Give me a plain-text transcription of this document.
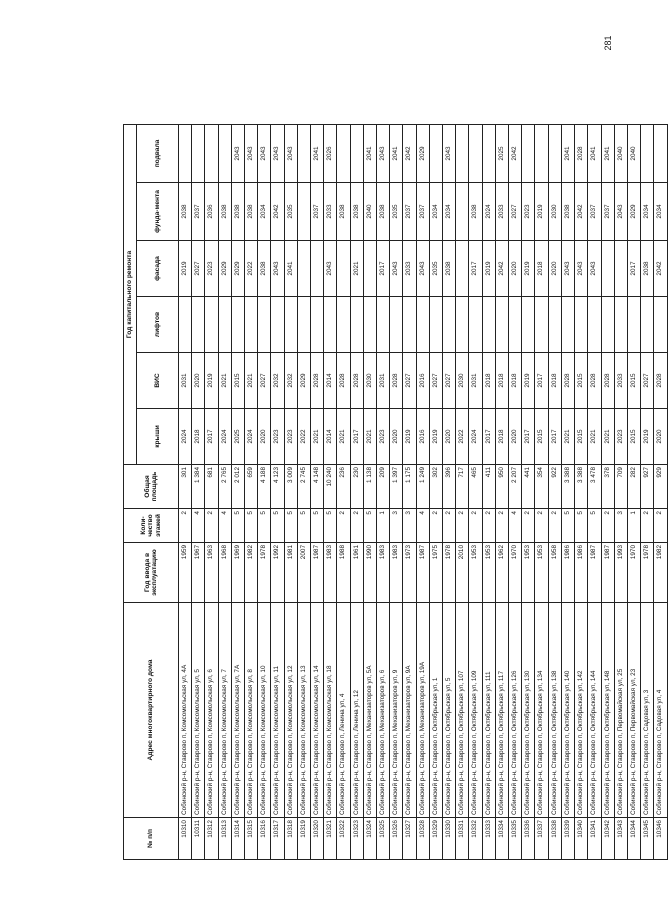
281
№ п/п	Адрес многоквартирного дома	Год ввода в эксплуатацию	Коли-чество этажей	Общая площадь	Год капитального ремонта					
					крыши	ВИС	лифтов	фасада	фунда-мента	подвала
10310	Собинский р-н, Ставрово п, Комсомольская ул, 4А	1959	2	301	2024	2031		2019	2038	
10311	Собинский р-н, Ставрово п, Комсомольская ул, 5	1967	4	1 384	2018	2020		2027	2037	
10312	Собинский р-н, Ставрово п, Комсомольская ул, 6	1963	2	681	2017	2019		2023	2036	
10313	Собинский р-н, Ставрово п, Комсомольская ул, 7	1968	4	2 765	2024	2021		2029	2038	
10314	Собинский р-н, Ставрово п, Комсомольская ул, 7А	1969	5	2 012	2025	2015		2029	2038	2043
10315	Собинский р-н, Ставрово п, Комсомольская ул, 8	1982	5	659	2024	2021		2022	2038	2043
10316	Собинский р-н, Ставрово п, Комсомольская ул, 10	1978	5	4 188	2020	2027		2038	2034	2043
10317	Собинский р-н, Ставрово п, Комсомольская ул, 11	1992	5	4 123	2023	2032		2043	2042	2043
10318	Собинский р-н, Ставрово п, Комсомольская ул, 12	1981	5	3 009	2023	2032		2041	2035	2043
10319	Собинский р-н, Ставрово п, Комсомольская ул, 13	2007	5	2 745	2022	2029				
10320	Собинский р-н, Ставрово п, Комсомольская ул, 14	1987	5	4 148	2021	2028			2037	2041
10321	Собинский р-н, Ставрово п, Комсомольская ул, 18	1983	5	10 240	2014	2014		2043	2033	2026
10322	Собинский р-н, Ставрово п, Ленина ул, 4	1988	2	236	2021	2028			2038	
10323	Собинский р-н, Ставрово п, Ленина ул, 12	1961	2	230	2017	2028		2021	2038	
10324	Собинский р-н, Ставрово п, Механизаторов ул, 5А	1990	5	1 138	2021	2030			2040	2041
10325	Собинский р-н, Ставрово п, Механизаторов ул, 6	1983	1	209	2023	2031		2017	2038	2043
10326	Собинский р-н, Ставрово п, Механизаторов ул, 9	1983	3	1 397	2020	2028		2043	2035	2041
10327	Собинский р-н, Ставрово п, Механизаторов ул, 9А	1973	3	1 175	2019	2027		2033	2037	2042
10328	Собинский р-н, Ставрово п, Механизаторов ул, 19А	1987	4	1 249	2016	2016		2043	2037	2029
10329	Собинский р-н, Ставрово п, Октябрьская ул, 1	1975	2	302	2019	2027		2035	2034	
10330	Собинский р-н, Ставрово п, Октябрьская ул, 5	1978	2	396	2020	2027		2038	2034	2043
10331	Собинский р-н, Ставрово п, Октябрьская ул, 107	2010	2	717	2022	2030				
10332	Собинский р-н, Ставрово п, Октябрьская ул, 109	1953	2	465	2024	2031		2017	2038	
10333	Собинский р-н, Ставрово п, Октябрьская ул, 111	1953	2	411	2017	2018		2019	2024	
10334	Собинский р-н, Ставрово п, Октябрьская ул, 117	1962	2	950	2018	2018		2042	2033	2025
10335	Собинский р-н, Ставрово п, Октябрьская ул, 126	1970	4	2 207	2020	2018		2020	2027	2042
10336	Собинский р-н, Ставрово п, Октябрьская ул, 130	1953	2	441	2017	2019		2019	2023	
10337	Собинский р-н, Ставрово п, Октябрьская ул, 134	1953	2	354	2015	2017		2018	2019	
10338	Собинский р-н, Ставрово п, Октябрьская ул, 138	1958	2	922	2017	2018		2020	2030	
10339	Собинский р-н, Ставрово п, Октябрьская ул, 140	1986	5	3 388	2021	2028		2043	2038	2041
10340	Собинский р-н, Ставрово п, Октябрьская ул, 142	1986	5	3 388	2015	2015		2043	2042	2028
10341	Собинский р-н, Ставрово п, Октябрьская ул, 144	1987	5	3 478	2021	2028		2043	2037	2041
10342	Собинский р-н, Ставрово п, Октябрьская ул, 148	1987	2	378	2021	2028			2037	2041
10343	Собинский р-н, Ставрово п, Первомайская ул, 25	1993	3	709	2023	2033			2043	2040
10344	Собинский р-н, Ставрово п, Первомайская ул, 23	1970	1	282	2015	2015		2017	2029	2040
10345	Собинский р-н, Ставрово п, Садовая ул, 3	1978	2	927	2019	2027		2038	2034	
10346	Собинский р-н, Ставрово п, Садовая ул, 4	1982	2	929	2020	2028		2042	2034	
